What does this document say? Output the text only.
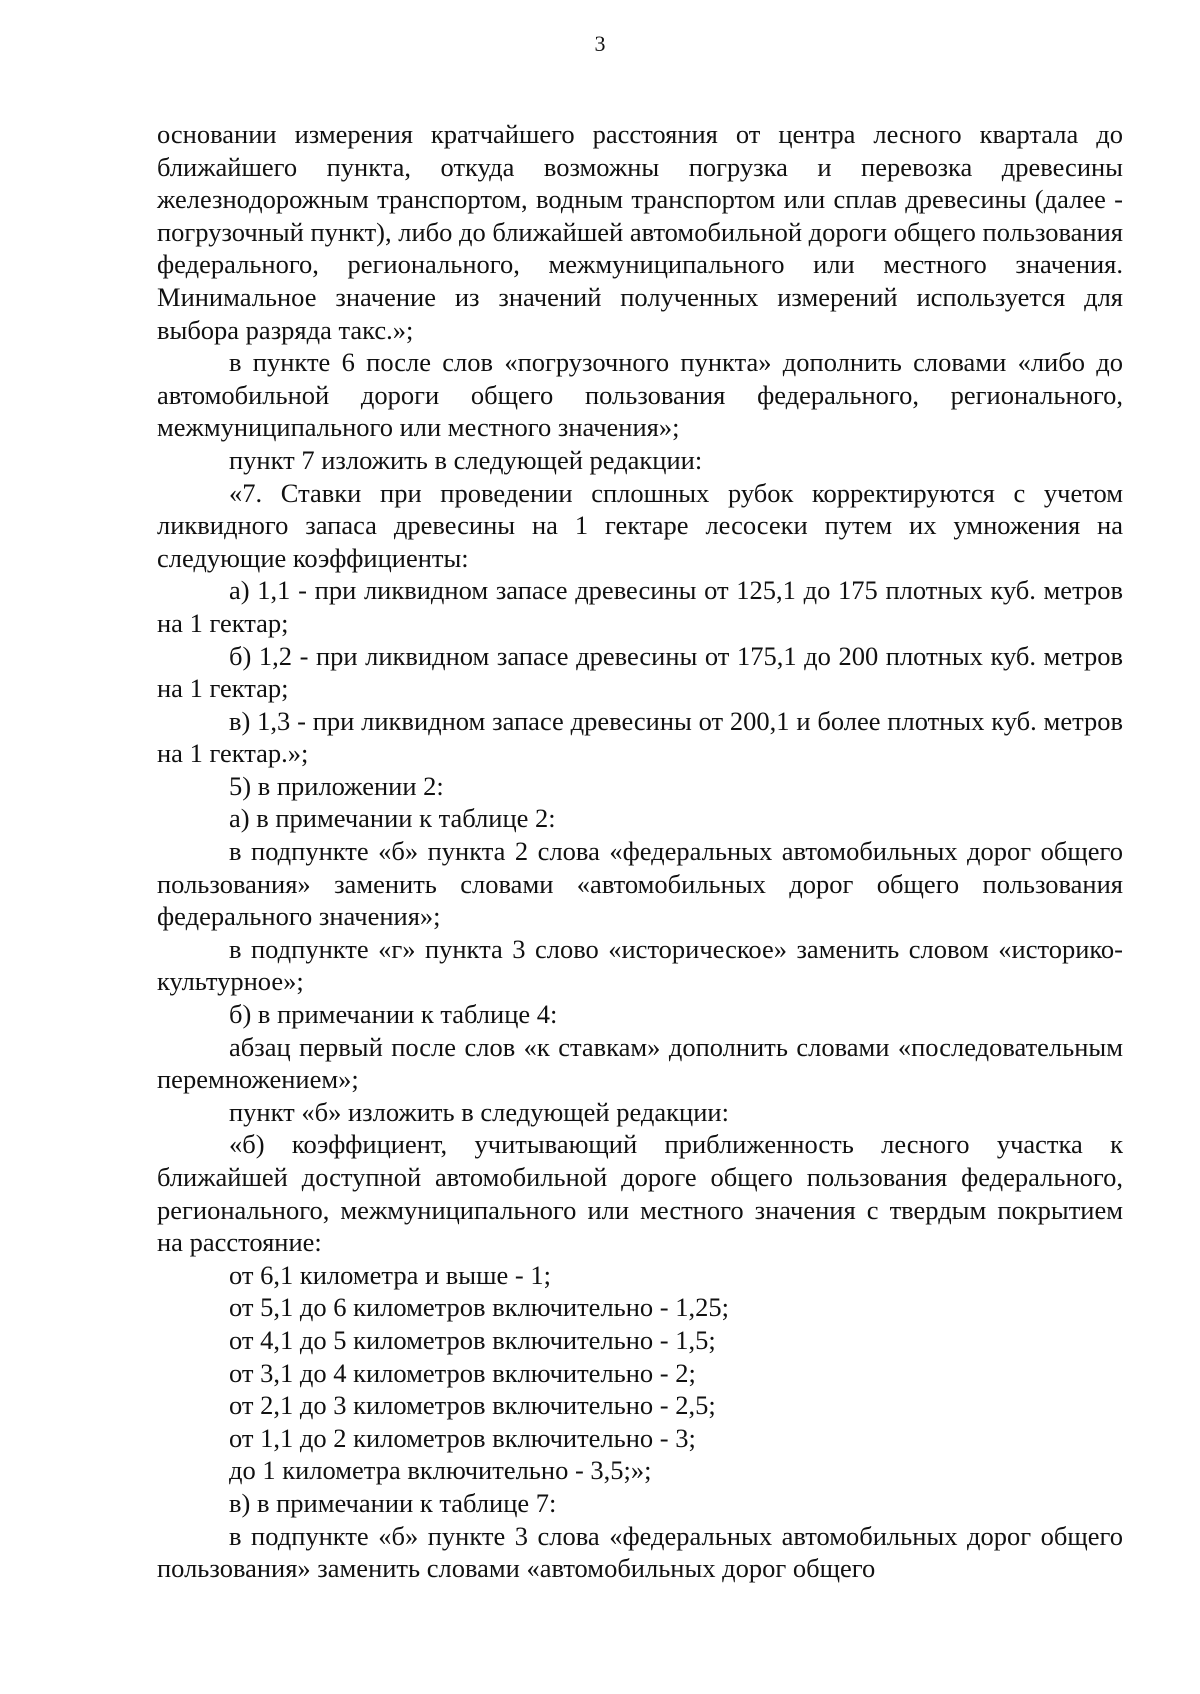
3

основании измерения кратчайшего расстояния от центра лесного квартала до ближайшего пункта, откуда возможны погрузка и перевозка древесины железнодорожным транспортом, водным транспортом или сплав древесины (далее - погрузочный пункт), либо до ближайшей автомобильной дороги общего пользования федерального, регионального, межмуниципального или местного значения. Минимальное значение из значений полученных измерений используется для выбора разряда такс.»;

в пункте 6 после слов «погрузочного пункта» дополнить словами «либо до автомобильной дороги общего пользования федерального, регионального, межмуниципального или местного значения»;

пункт 7 изложить в следующей редакции:

«7. Ставки при проведении сплошных рубок корректируются с учетом ликвидного запаса древесины на 1 гектаре лесосеки путем их умножения на следующие коэффициенты:

а) 1,1 - при ликвидном запасе древесины от 125,1 до 175 плотных куб. метров на 1 гектар;

б) 1,2 - при ликвидном запасе древесины от 175,1 до 200 плотных куб. метров на 1 гектар;

в) 1,3 - при ликвидном запасе древесины от 200,1 и более плотных куб. метров на 1 гектар.»;

5) в приложении 2:

а) в примечании к таблице 2:

в подпункте «б» пункта 2 слова «федеральных автомобильных дорог общего пользования» заменить словами «автомобильных дорог общего пользования федерального значения»;

в подпункте «г» пункта 3 слово «историческое» заменить словом «историко-культурное»;

б) в примечании к таблице 4:

абзац первый после слов «к ставкам» дополнить словами «последовательным перемножением»;

пункт «б» изложить в следующей редакции:

«б) коэффициент, учитывающий приближенность лесного участка к ближайшей доступной автомобильной дороге общего пользования федерального, регионального, межмуниципального или местного значения с твердым покрытием на расстояние:

от 6,1 километра и выше - 1;

от 5,1 до 6 километров включительно - 1,25;

от 4,1 до 5 километров включительно - 1,5;

от 3,1 до 4 километров включительно - 2;

от 2,1 до 3 километров включительно - 2,5;

от 1,1 до 2 километров включительно - 3;

до 1 километра включительно - 3,5;»;

в) в примечании к таблице 7:

в подпункте «б» пункте 3 слова «федеральных автомобильных дорог общего пользования» заменить словами «автомобильных дорог общего
